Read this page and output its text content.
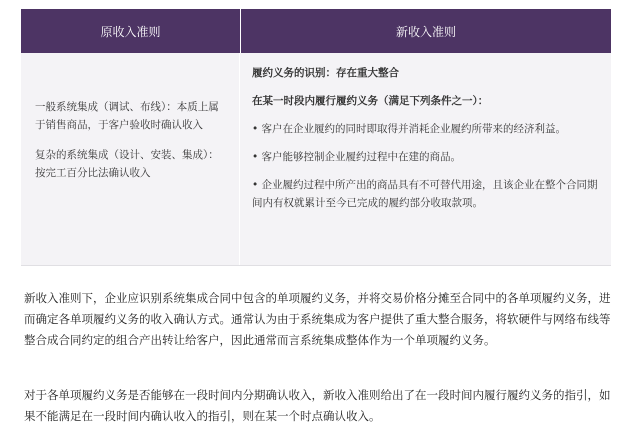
原收入准则	新收入准则

一般系统集成（调试、布线）：本质上属于销售商品，于客户验收时确认收入

复杂的系统集成（设计、安装、集成）：按完工百分比法确认收入

履约义务的识别：存在重大整合

在某一时段内履行履约义务（满足下列条件之一）：

• 客户在企业履约的同时即取得并消耗企业履约所带来的经济利益。

• 客户能够控制企业履约过程中在建的商品。

• 企业履约过程中所产出的商品具有不可替代用途，且该企业在整个合同期间内有权就累计至今已完成的履约部分收取款项。

新收入准则下，企业应识别系统集成合同中包含的单项履约义务，并将交易价格分摊至合同中的各单项履约义务，进而确定各单项履约义务的收入确认方式。通常认为由于系统集成为客户提供了重大整合服务，将软硬件与网络布线等整合成合同约定的组合产出转让给客户，因此通常而言系统集成整体作为一个单项履约义务。

对于各单项履约义务是否能够在一段时间内分期确认收入，新收入准则给出了在一段时间内履行履约义务的指引，如果不能满足在一段时间内确认收入的指引，则在某一个时点确认收入。
